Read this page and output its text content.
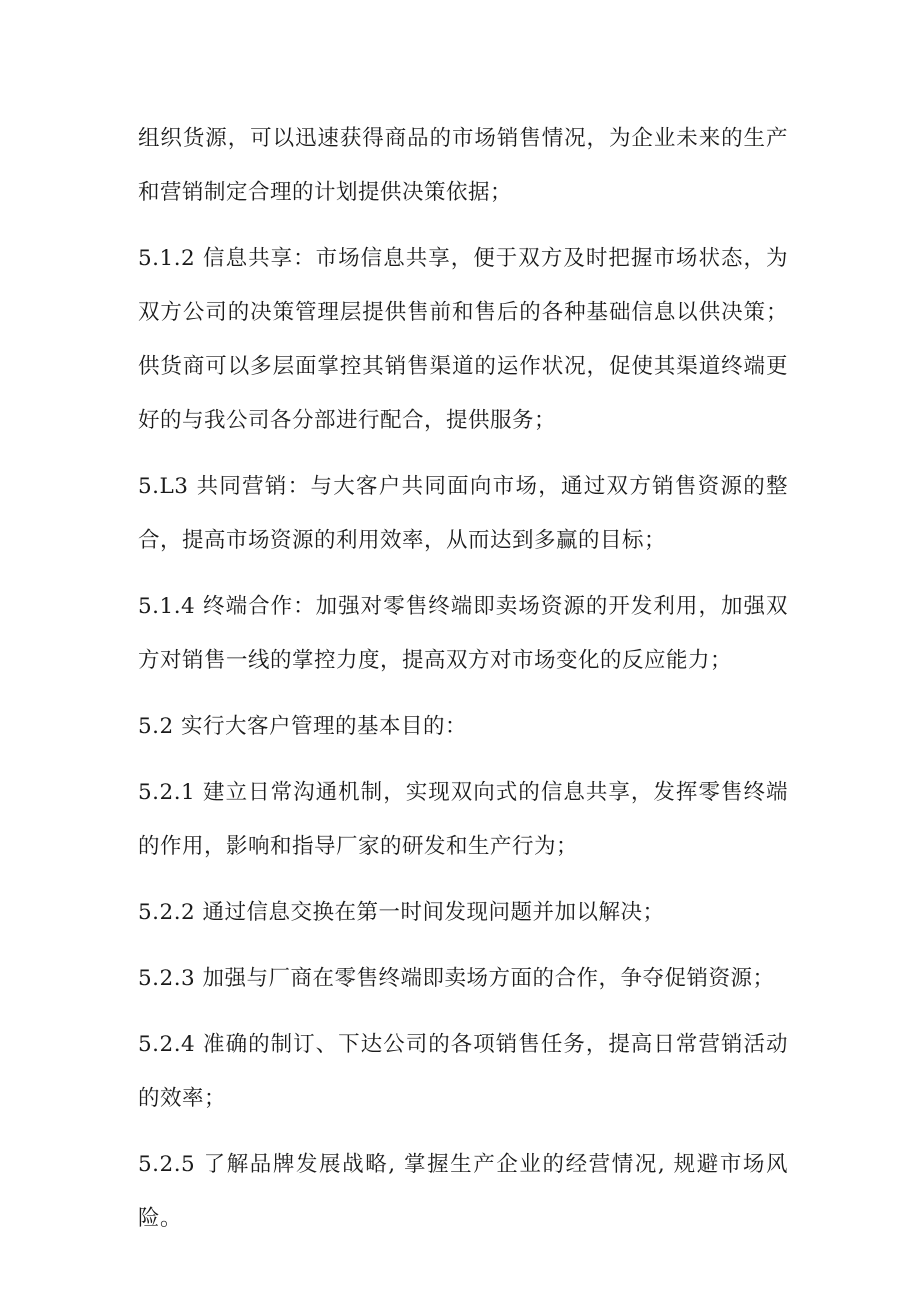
组织货源，可以迅速获得商品的市场销售情况，为企业未来的生产和营销制定合理的计划提供决策依据；

5.1.2 信息共享：市场信息共享，便于双方及时把握市场状态，为双方公司的决策管理层提供售前和售后的各种基础信息以供决策；供货商可以多层面掌控其销售渠道的运作状况，促使其渠道终端更好的与我公司各分部进行配合，提供服务；

5.L3 共同营销：与大客户共同面向市场，通过双方销售资源的整合，提高市场资源的利用效率，从而达到多赢的目标；

5.1.4 终端合作：加强对零售终端即卖场资源的开发利用，加强双方对销售一线的掌控力度，提高双方对市场变化的反应能力；

5.2 实行大客户管理的基本目的：

5.2.1 建立日常沟通机制，实现双向式的信息共享，发挥零售终端的作用，影响和指导厂家的研发和生产行为；

5.2.2 通过信息交换在第一时间发现问题并加以解决；

5.2.3 加强与厂商在零售终端即卖场方面的合作，争夺促销资源；

5.2.4 准确的制订、下达公司的各项销售任务，提高日常营销活动的效率；

5.2.5 了解品牌发展战略, 掌握生产企业的经营情况, 规避市场风险。
